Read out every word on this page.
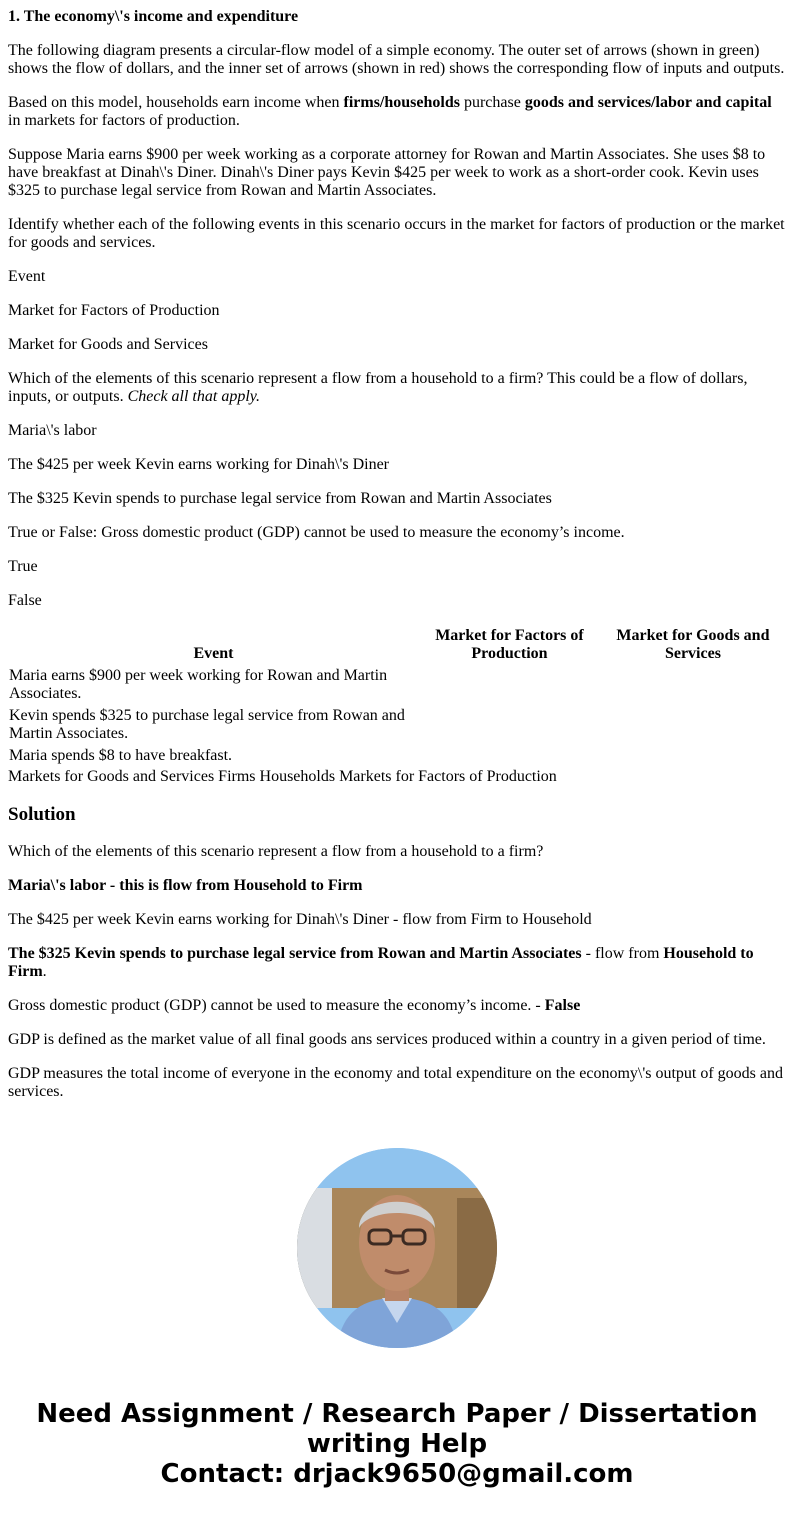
1. The economy\'s income and expenditure

The following diagram presents a circular-flow model of a simple economy. The outer set of arrows (shown in green) shows the flow of dollars, and the inner set of arrows (shown in red) shows the corresponding flow of inputs and outputs.

Based on this model, households earn income when firms/households purchase goods and services/labor and capital in markets for factors of production.

Suppose Maria earns $900 per week working as a corporate attorney for Rowan and Martin Associates. She uses $8 to have breakfast at Dinah\'s Diner. Dinah\'s Diner pays Kevin $425 per week to work as a short-order cook. Kevin uses $325 to purchase legal service from Rowan and Martin Associates.

Identify whether each of the following events in this scenario occurs in the market for factors of production or the market for goods and services.

Event

Market for Factors of Production

Market for Goods and Services

Which of the elements of this scenario represent a flow from a household to a firm? This could be a flow of dollars, inputs, or outputs. Check all that apply.

Maria\'s labor

The $425 per week Kevin earns working for Dinah\'s Diner

The $325 Kevin spends to purchase legal service from Rowan and Martin Associates

True or False: Gross domestic product (GDP) cannot be used to measure the economy’s income.

True

False

Event	Market for Factors of Production	Market for Goods and Services
Maria earns $900 per week working for Rowan and Martin Associates.		
Kevin spends $325 to purchase legal service from Rowan and Martin Associates.		
Maria spends $8 to have breakfast.		
Markets for Goods and Services Firms Households Markets for Factors of Production
Solution

Which of the elements of this scenario represent a flow from a household to a firm?

Maria\'s labor - this is flow from Household to Firm

The $425 per week Kevin earns working for Dinah\'s Diner - flow from Firm to Household

The $325 Kevin spends to purchase legal service from Rowan and Martin Associates - flow from Household to Firm.

Gross domestic product (GDP) cannot be used to measure the economy’s income. - False

GDP is defined as the market value of all final goods ans services produced within a country in a given period of time.

GDP measures the total income of everyone in the economy and total expenditure on the economy\'s output of goods and services.

Need Assignment / Research Paper / Dissertation
writing Help
Contact: drjack9650@gmail.com
